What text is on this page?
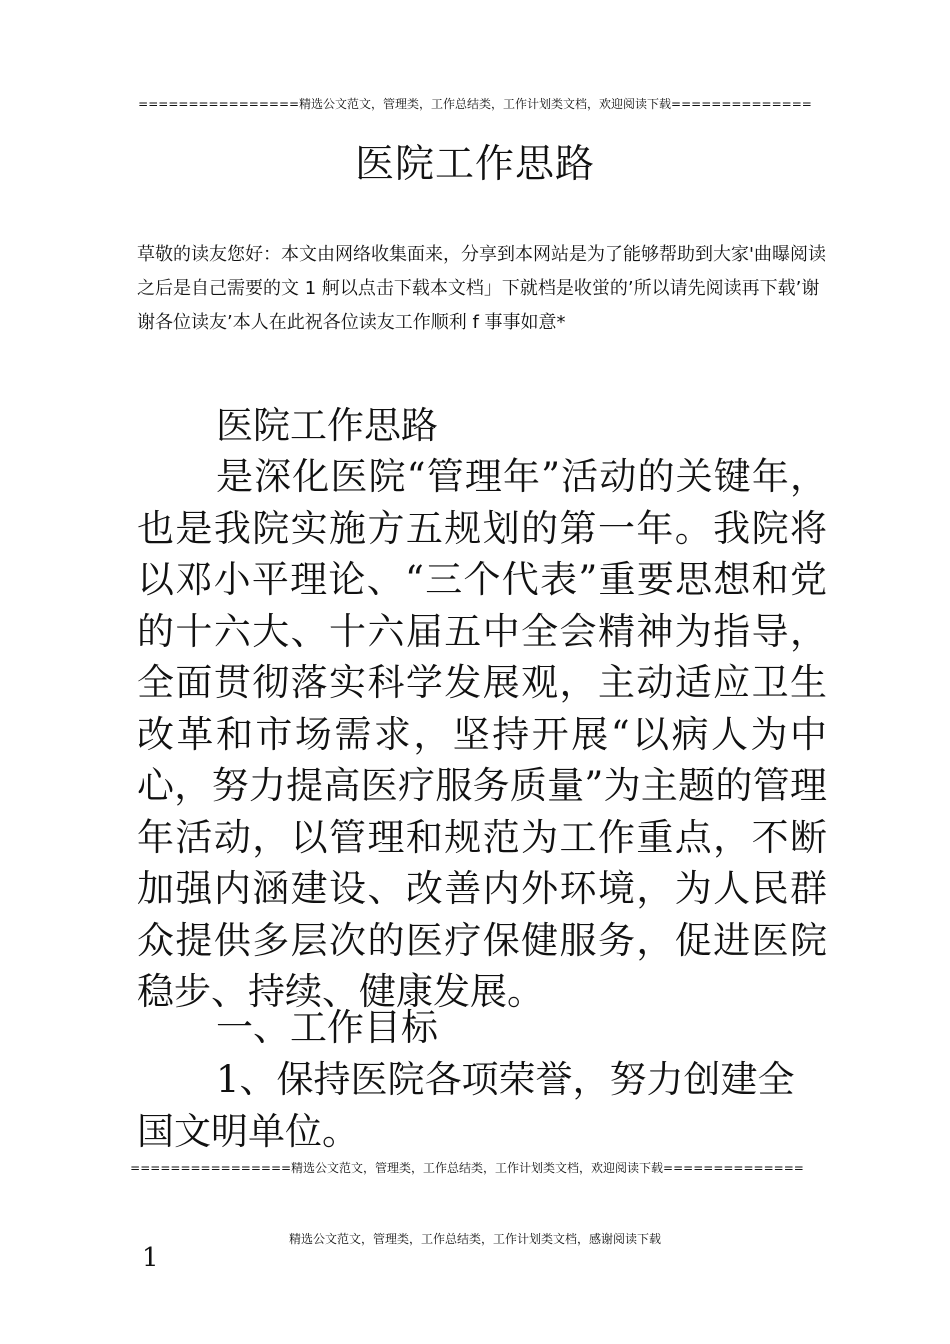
================精选公文范文，管理类，工作总结类，工作计划类文档，欢迎阅读下载==============
医院工作思路

草敬的读友您好：本文由网络收集面来，分享到本网站是为了能够帮助到大家'曲曝阅读之后是自己需要的文 1 舸以点击下载本文档」下就档是收蛍的’所以请先阅读再下载’谢谢各位读友’本人在此祝各位读友工作顺利 f 事事如意*

医院工作思路

是深化医院“管理年”活动的关键年，也是我院实施方五规划的第一年。我院将以邓小平理论、“三个代表”重要思想和党的十六大、十六届五中全会精神为指导，全面贯彻落实科学发展观，主动适应卫生改革和市场需求，坚持开展“以病人为中心，努力提高医疗服务质量”为主题的管理年活动，以管理和规范为工作重点，不断加强内涵建设、改善内外环境，为人民群众提供多层次的医疗保健服务，促进医院稳步、持续、健康发展。

一、工作目标

1、保持医院各项荣誉，努力创建全国文明单位。

================精选公文范文，管理类，工作总结类，工作计划类文档，欢迎阅读下载==============
精选公文范文，管理类，工作总结类，工作计划类文档，感谢阅读下载
1
